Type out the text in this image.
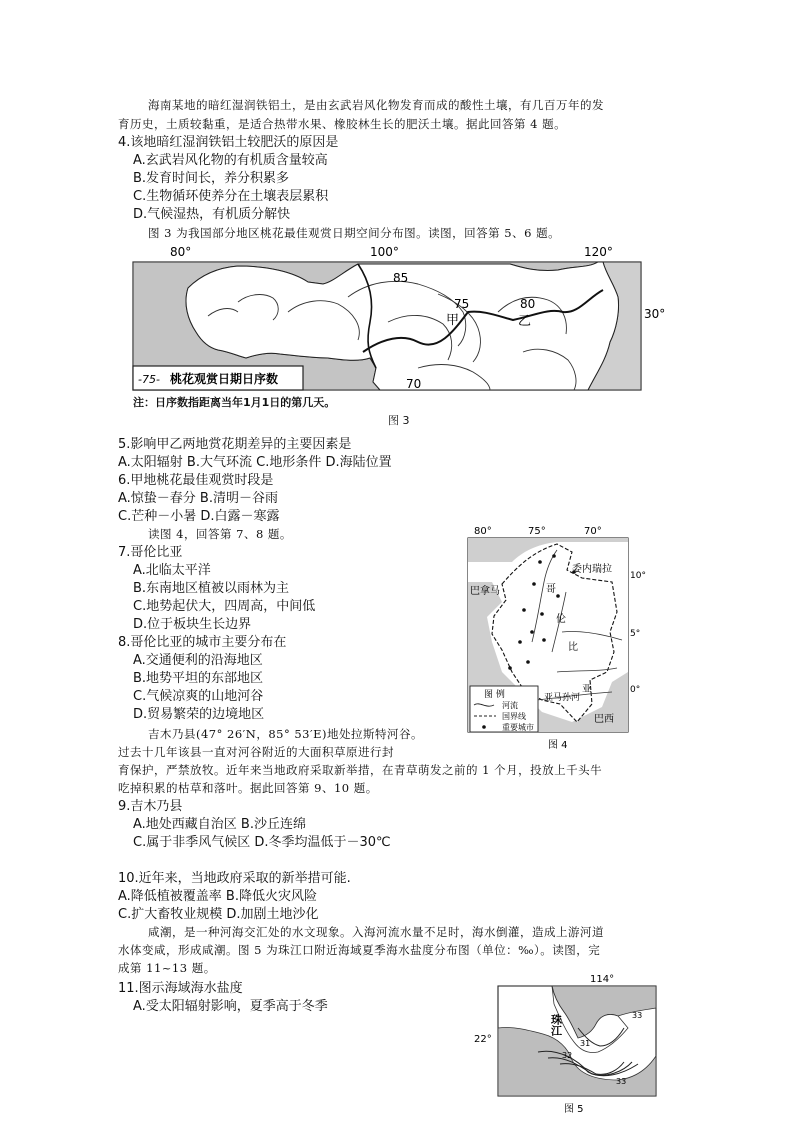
海南某地的暗红湿润铁铝土，是由玄武岩风化物发育而成的酸性土壤，有几百万年的发
育历史，土质较黏重，是适合热带水果、橡胶林生长的肥沃土壤。据此回答第 4 题。
4.该地暗红湿润铁铝土较肥沃的原因是
A.玄武岩风化物的有机质含量较高
B.发育时间长，养分积累多
C.生物循环使养分在土壤表层累积
D.气候湿热，有机质分解快
图 3 为我国部分地区桃花最佳观赏日期空间分布图。读图，回答第 5、6 题。
80°	100°	120°
85
75	80
70
甲	乙	30°
-75- 桃花观赏日期日序数
注：日序数指距离当年1月1日的第几天。
图 3
5.影响甲乙两地赏花期差异的主要因素是
A.太阳辐射 B.大气环流 C.地形条件 D.海陆位置
6.甲地桃花最佳观赏时段是
A.惊蛰－春分 B.清明－谷雨
C.芒种－小暑 D.白露－寒露
读图 4，回答第 7、8 题。
7.哥伦比亚
A.北临太平洋
B.东南地区植被以雨林为主
C.地势起伏大，四周高，中间低
D.位于板块生长边界
8.哥伦比亚的城市主要分布在
A.交通便利的沿海地区
B.地势平坦的东部地区
C.气候凉爽的山地河谷
D.贸易繁荣的边境地区
80°	75°	70°
10°
5°
0°
巴拿马
委内瑞拉
巴西
哥
伦
比
亚
亚马孙河
图 例
河流
国界线
重要城市
图 4
吉木乃县(47° 26′N，85° 53′E)地处拉斯特河谷。
过去十几年该县一直对河谷附近的大面积草原进行封
育保护，严禁放牧。近年来当地政府采取新举措，在青草萌发之前的 1 个月，投放上千头牛
吃掉积累的枯草和落叶。据此回答第 9、10 题。
9.吉木乃县
A.地处西藏自治区 B.沙丘连绵
C.属于非季风气候区 D.冬季均温低于－30℃
10.近年来，当地政府采取的新举措可能.
A.降低植被覆盖率 B.降低火灾风险
C.扩大畜牧业规模 D.加剧土地沙化
咸潮，是一种河海交汇处的水文现象。入海河流水量不足时，海水倒灌，造成上游河道
水体变咸，形成咸潮。图 5 为珠江口附近海域夏季海水盐度分布图（单位：‰）。读图，完
成第 11~13 题。
11.图示海域海水盐度
A.受太阳辐射影响，夏季高于冬季
114°
珠江	33
31
32
33
22°
图 5
